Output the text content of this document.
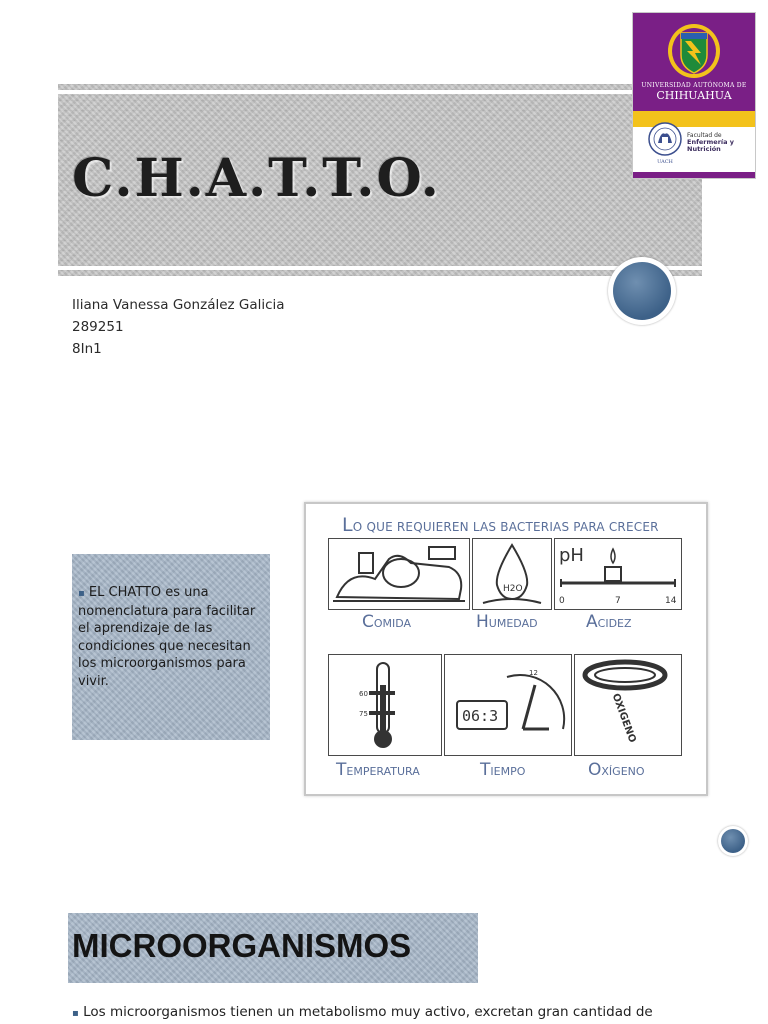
C.H.A.T.T.O.
UNIVERSIDAD AUTÓNOMA DE
CHIHUAHUA
UACH
Facultad de
Enfermería y
Nutrición
Iliana Vanessa González Galicia
289251
8In1
▪ EL CHATTO es una nomenclatura para facilitar el aprendizaje de las condiciones que necesitan los microorganismos para vivir.
LO QUE REQUIEREN LAS BACTERIAS PARA CRECER
H2O
pH
0	7	14
COMIDA	HUMEDAD	ACIDEZ
60
75
12
06:3	OXIGENO
TEMPERATURA	TIEMPO	OXÍGENO
MICROORGANISMOS
▪ Los microorganismos tienen un metabolismo muy activo, excretan gran cantidad de
